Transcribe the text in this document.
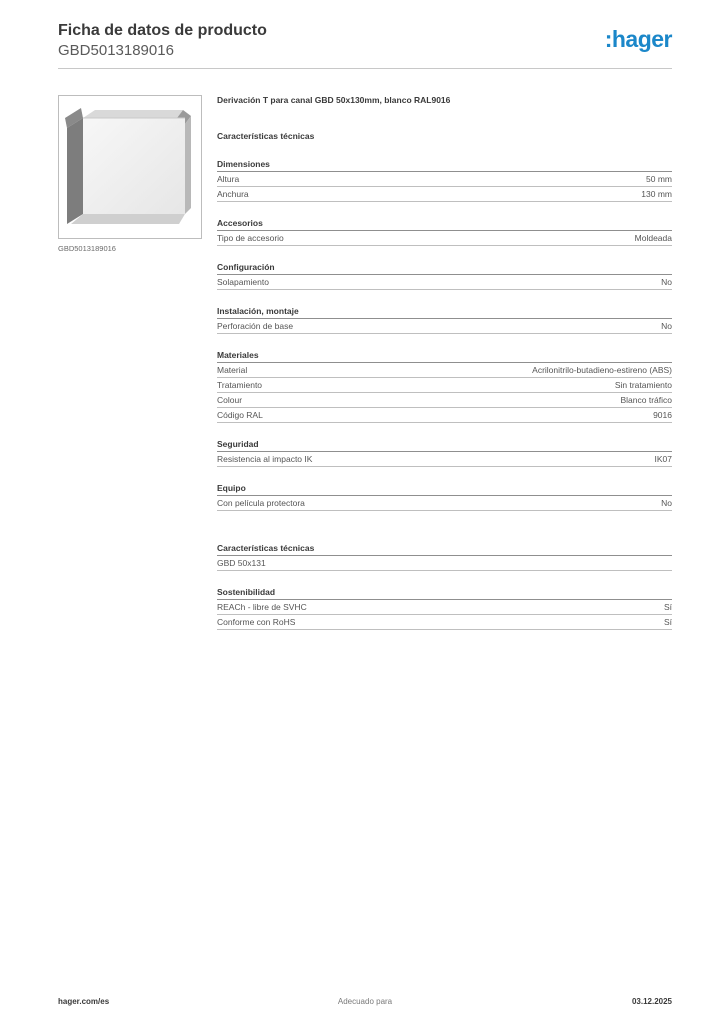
Ficha de datos de producto
GBD5013189016	:hager
GBD5013189016
Derivación T para canal GBD 50x130mm, blanco RAL9016
Características técnicas
Dimensiones
Altura	50 mm
Anchura	130 mm
Accesorios
Tipo de accesorio	Moldeada
Configuración
Solapamiento	No
Instalación, montaje
Perforación de base	No
Materiales
Material	Acrilonitrilo-butadieno-estireno (ABS)
Tratamiento	Sin tratamiento
Colour	Blanco tráfico
Código RAL	9016
Seguridad
Resistencia al impacto IK	IK07
Equipo
Con película protectora	No
Características técnicas
GBD 50x131
Sostenibilidad
REACh - libre de SVHC	Sí
Conforme con RoHS	Sí
hager.com/es	Adecuado para	03.12.2025
